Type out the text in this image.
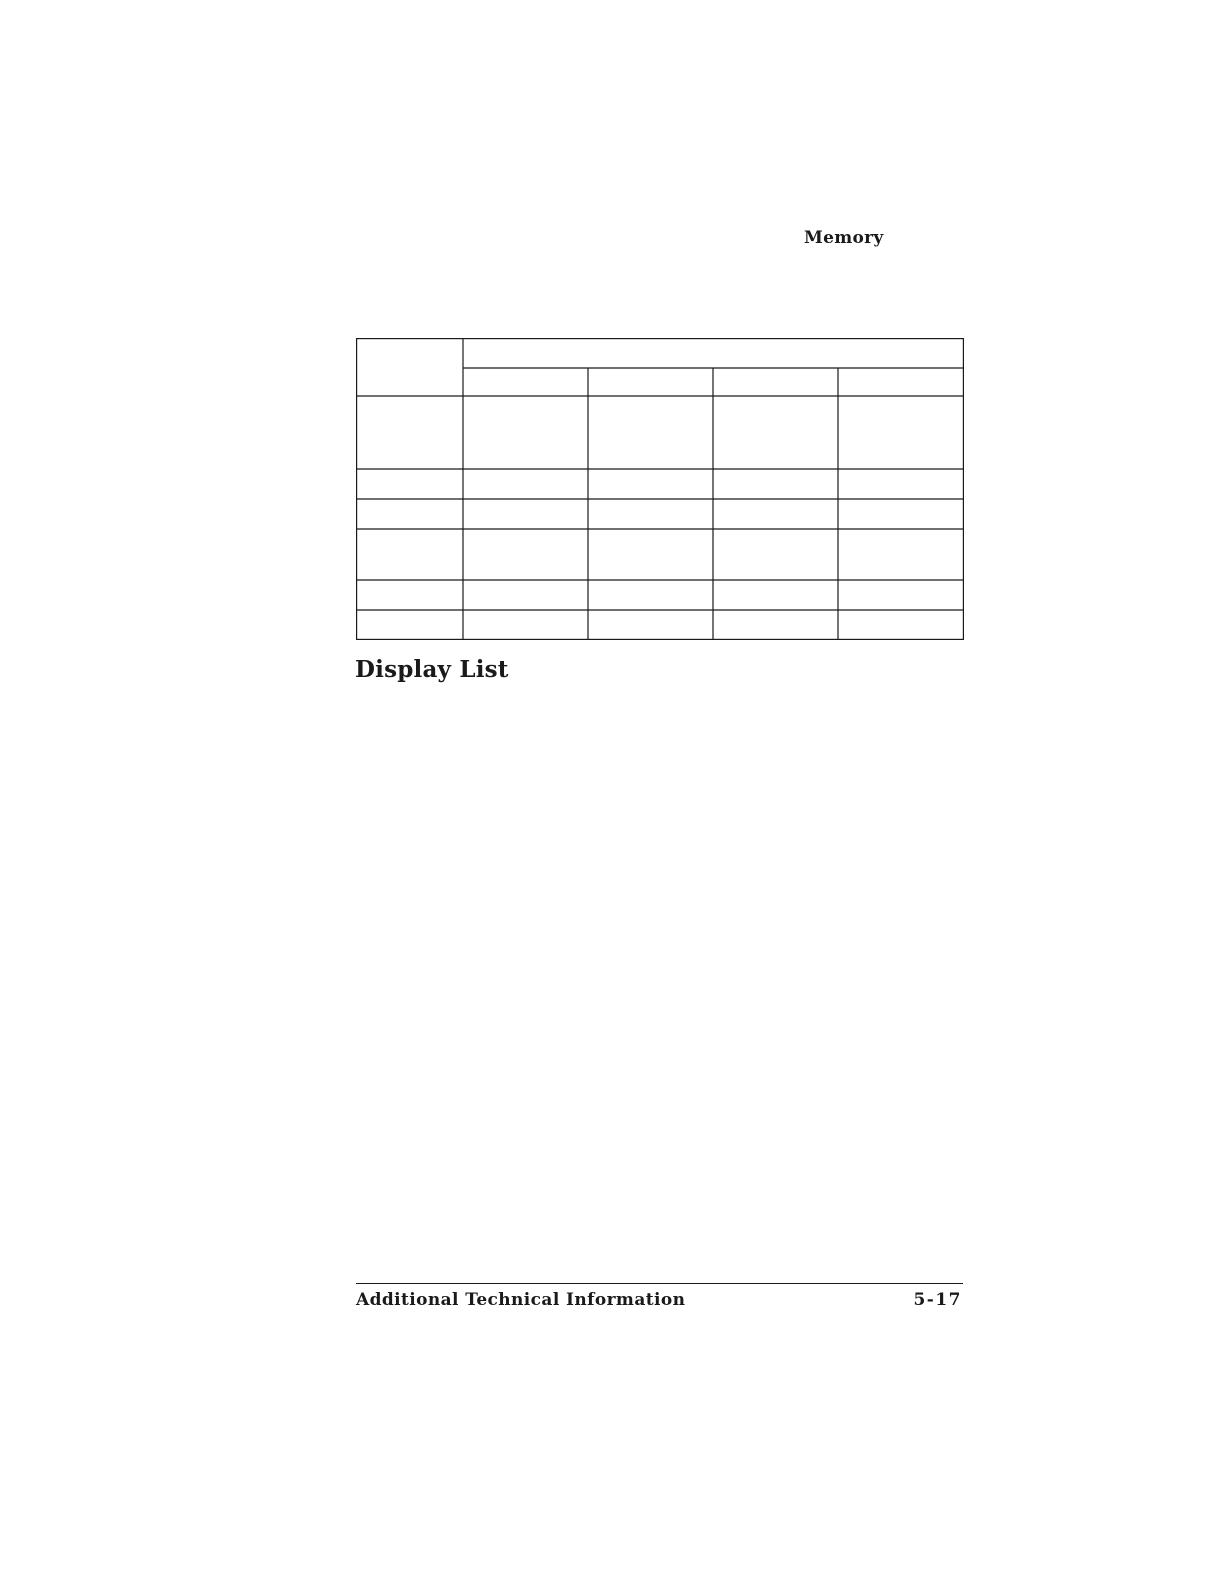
Memory
Display List
Additional Technical Information	5-17
